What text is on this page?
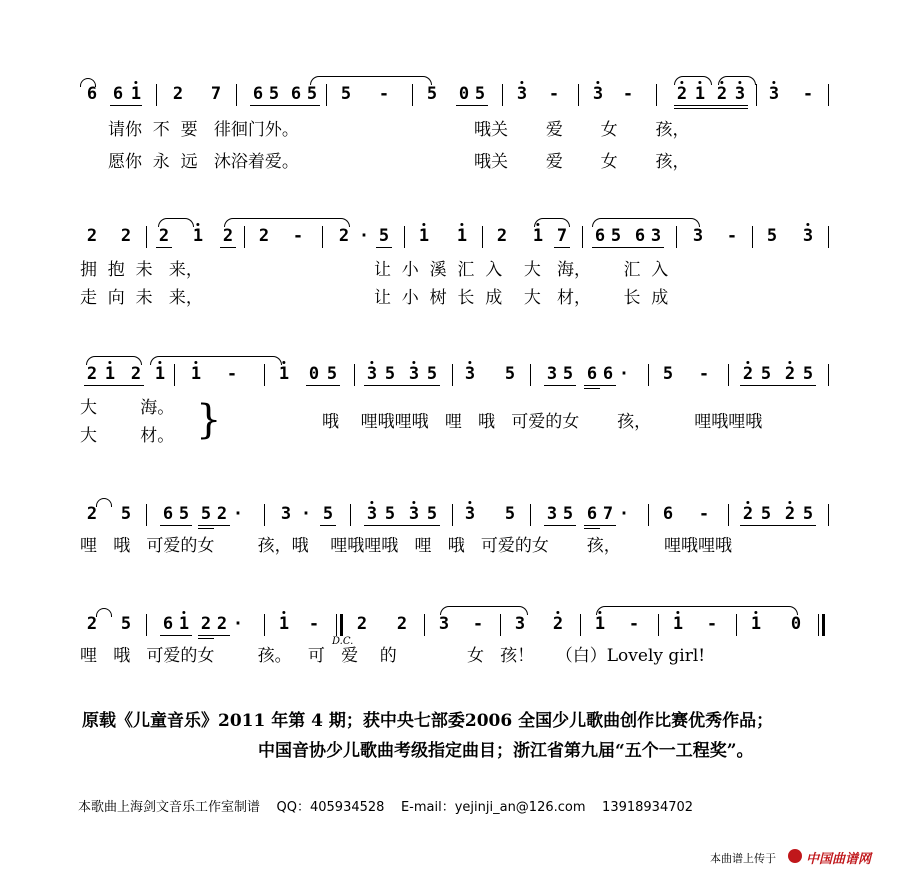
6 6 1 2 7 6 5 6 5 5 - 5 0 5 3 - 3 -	2 1 2 3 3 -
请你  不  要   徘徊门外。
愿你  永  远   沐浴着爱。
哦关       爱       女       孩，
哦关       爱       女       孩，
2 2 2 1 2 2 - 2 · 5 1 1 2 1 7 6 5 6 3 3 - 5 3
拥  抱  未   来，
走  向  未   来，
让  小  溪  汇  入    大   海，      汇  入
让  小  树  长  成    大   材，      长  成
2 1 2 1 1 - 1 0 5 3 5 3 5 3 5 3 5 6 6 · 5 - 2 5 2 5
大        海。
大        材。 }	哦    哩哦哩哦   哩   哦   可爱的女       孩，        哩哦哩哦
2 5 6 5 5 2 · 3 · 5 3 5 3 5 3 5 3 5 6 7 · 6 - 2 5 2 5
哩   哦   可爱的女        孩，哦    哩哦哩哦   哩   哦   可爱的女       孩，        哩哦哩哦
2 5 6 1 2 2 · 1 - 2 2 3 - 3 2 1 - 1 - 1 0
D.C.
哩   哦   可爱的女        孩。   可   爱    的             女   孩！    （白）Lovely girl!
原载《儿童音乐》2011 年第 4 期；获中央七部委2006 全国少儿歌曲创作比赛优秀作品；
中国音协少儿歌曲考级指定曲目；浙江省第九届“五个一工程奖”。
本歌曲上海剑文音乐工作室制谱    QQ：405934528    E-mail：yejinji_an@126.com    13918934702
本曲谱上传于 中国曲谱网
